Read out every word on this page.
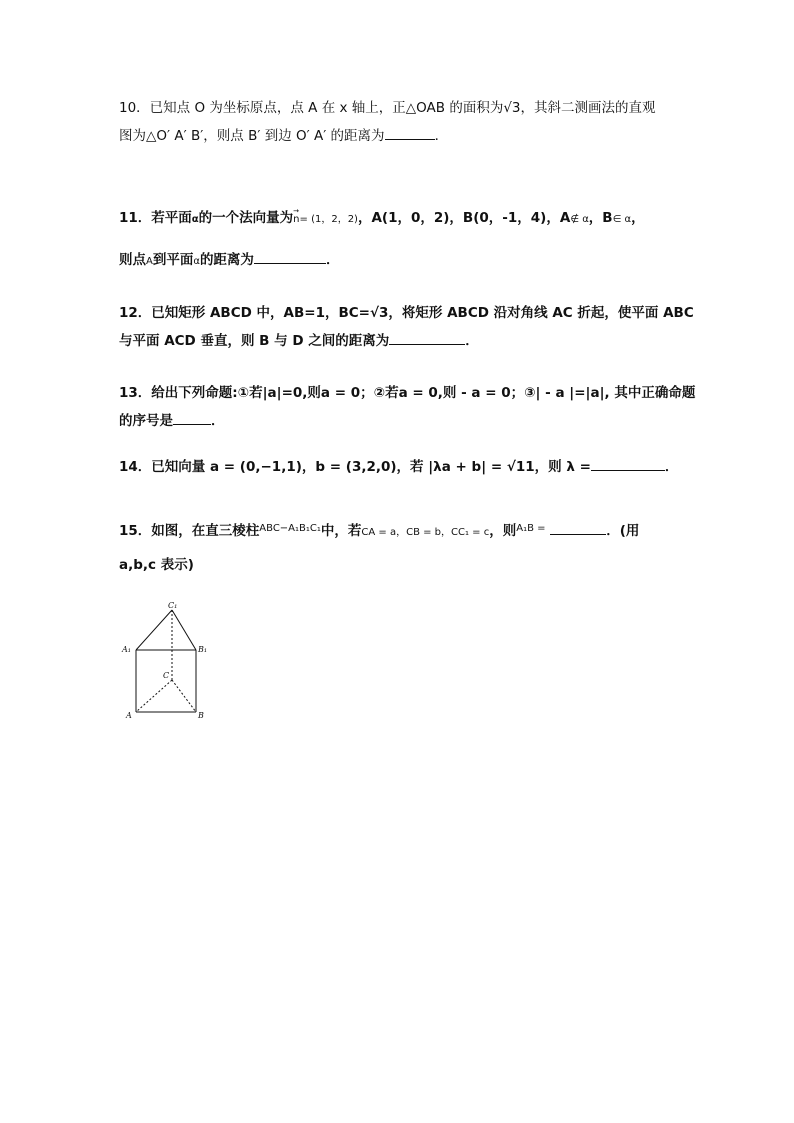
10．已知点 O 为坐标原点，点 A 在 x 轴上，正△OAB 的面积为√3，其斜二测画法的直观
图为△O′ A′ B′，则点 B′ 到边 O′ A′ 的距离为	．
11．若平面α的一个法向量为→ n= (1，2，2)，A(1，0，2)，B(0，-1，4)，A∉ α，B∈ α，
则点A到平面α的距离为	．
12．已知矩形 ABCD 中，AB=1，BC=√3，将矩形 ABCD 沿对角线 AC 折起，使平面 ABC
与平面 ACD 垂直，则 B 与 D 之间的距离为	．
13．给出下列命题:①若|a|=0,则a = 0；②若a = 0,则 - a = 0；③| - a |=|a|, 其中正确命题
的序号是	．
14．已知向量 a = (0,−1,1)，b = (3,2,0)，若 |λa + b| = √11，则 λ =	．
15．如图，在直三棱柱$^{ABC-A_1B_1C_1}$中，若CA = a，CB = b，CC₁ = c，则$^{A_1B =}$	．(用
a,b,c 表示)
C₁
A₁	B₁
C
A	B
